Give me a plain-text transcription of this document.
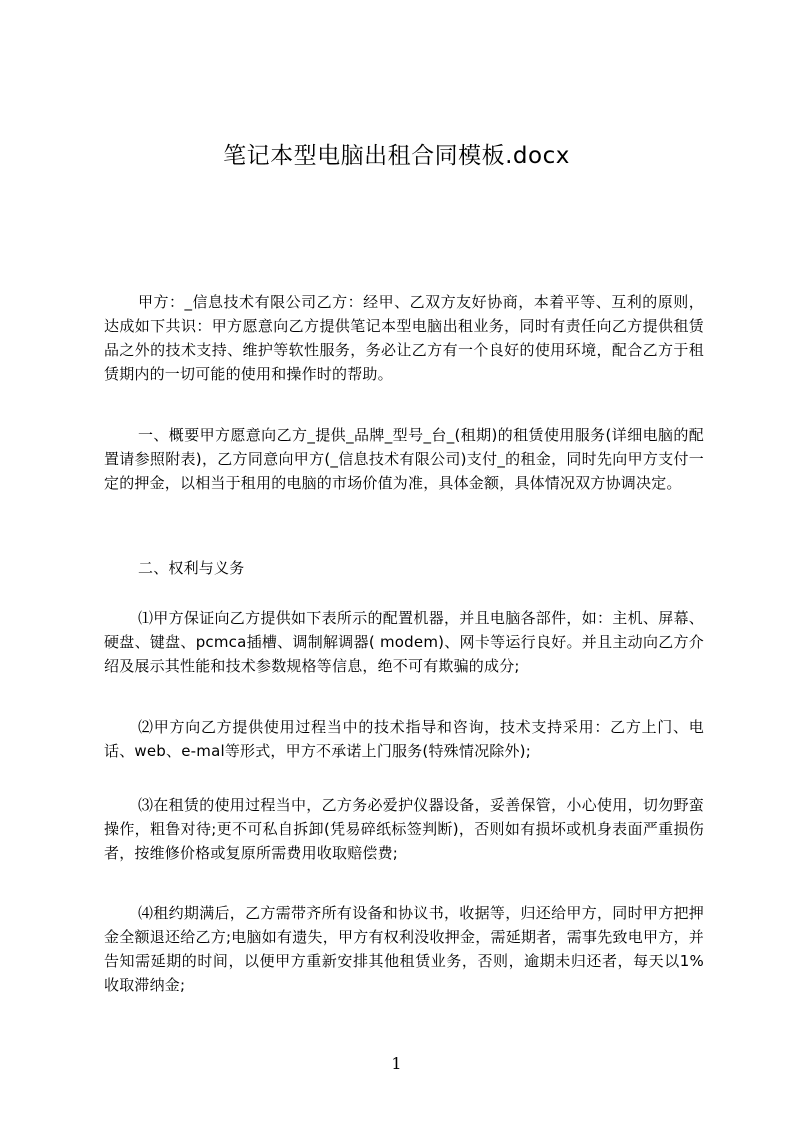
笔记本型电脑出租合同模板.docx

甲方：_信息技术有限公司乙方：经甲、乙双方友好协商，本着平等、互利的原则，达成如下共识：甲方愿意向乙方提供笔记本型电脑出租业务，同时有责任向乙方提供租赁品之外的技术支持、维护等软性服务，务必让乙方有一个良好的使用环境，配合乙方于租赁期内的一切可能的使用和操作时的帮助。

一、概要甲方愿意向乙方_提供_品牌_型号_台_(租期)的租赁使用服务(详细电脑的配置请参照附表)，乙方同意向甲方(_信息技术有限公司)支付_的租金，同时先向甲方支付一定的押金，以相当于租用的电脑的市场价值为准，具体金额，具体情况双方协调决定。

二、权利与义务

⑴甲方保证向乙方提供如下表所示的配置机器，并且电脑各部件，如：主机、屏幕、硬盘、键盘、pcmca插槽、调制解调器( modem)、网卡等运行良好。并且主动向乙方介绍及展示其性能和技术参数规格等信息，绝不可有欺骗的成分;

⑵甲方向乙方提供使用过程当中的技术指导和咨询，技术支持采用：乙方上门、电话、web、e-mal等形式，甲方不承诺上门服务(特殊情况除外);

⑶在租赁的使用过程当中，乙方务必爱护仪器设备，妥善保管，小心使用，切勿野蛮操作，粗鲁对待;更不可私自拆卸(凭易碎纸标签判断)，否则如有损坏或机身表面严重损伤者，按维修价格或复原所需费用收取赔偿费;

⑷租约期满后，乙方需带齐所有设备和协议书，收据等，归还给甲方，同时甲方把押金全额退还给乙方;电脑如有遗失，甲方有权利没收押金，需延期者，需事先致电甲方，并告知需延期的时间，以便甲方重新安排其他租赁业务，否则，逾期未归还者，每天以1%收取滞纳金;

1
